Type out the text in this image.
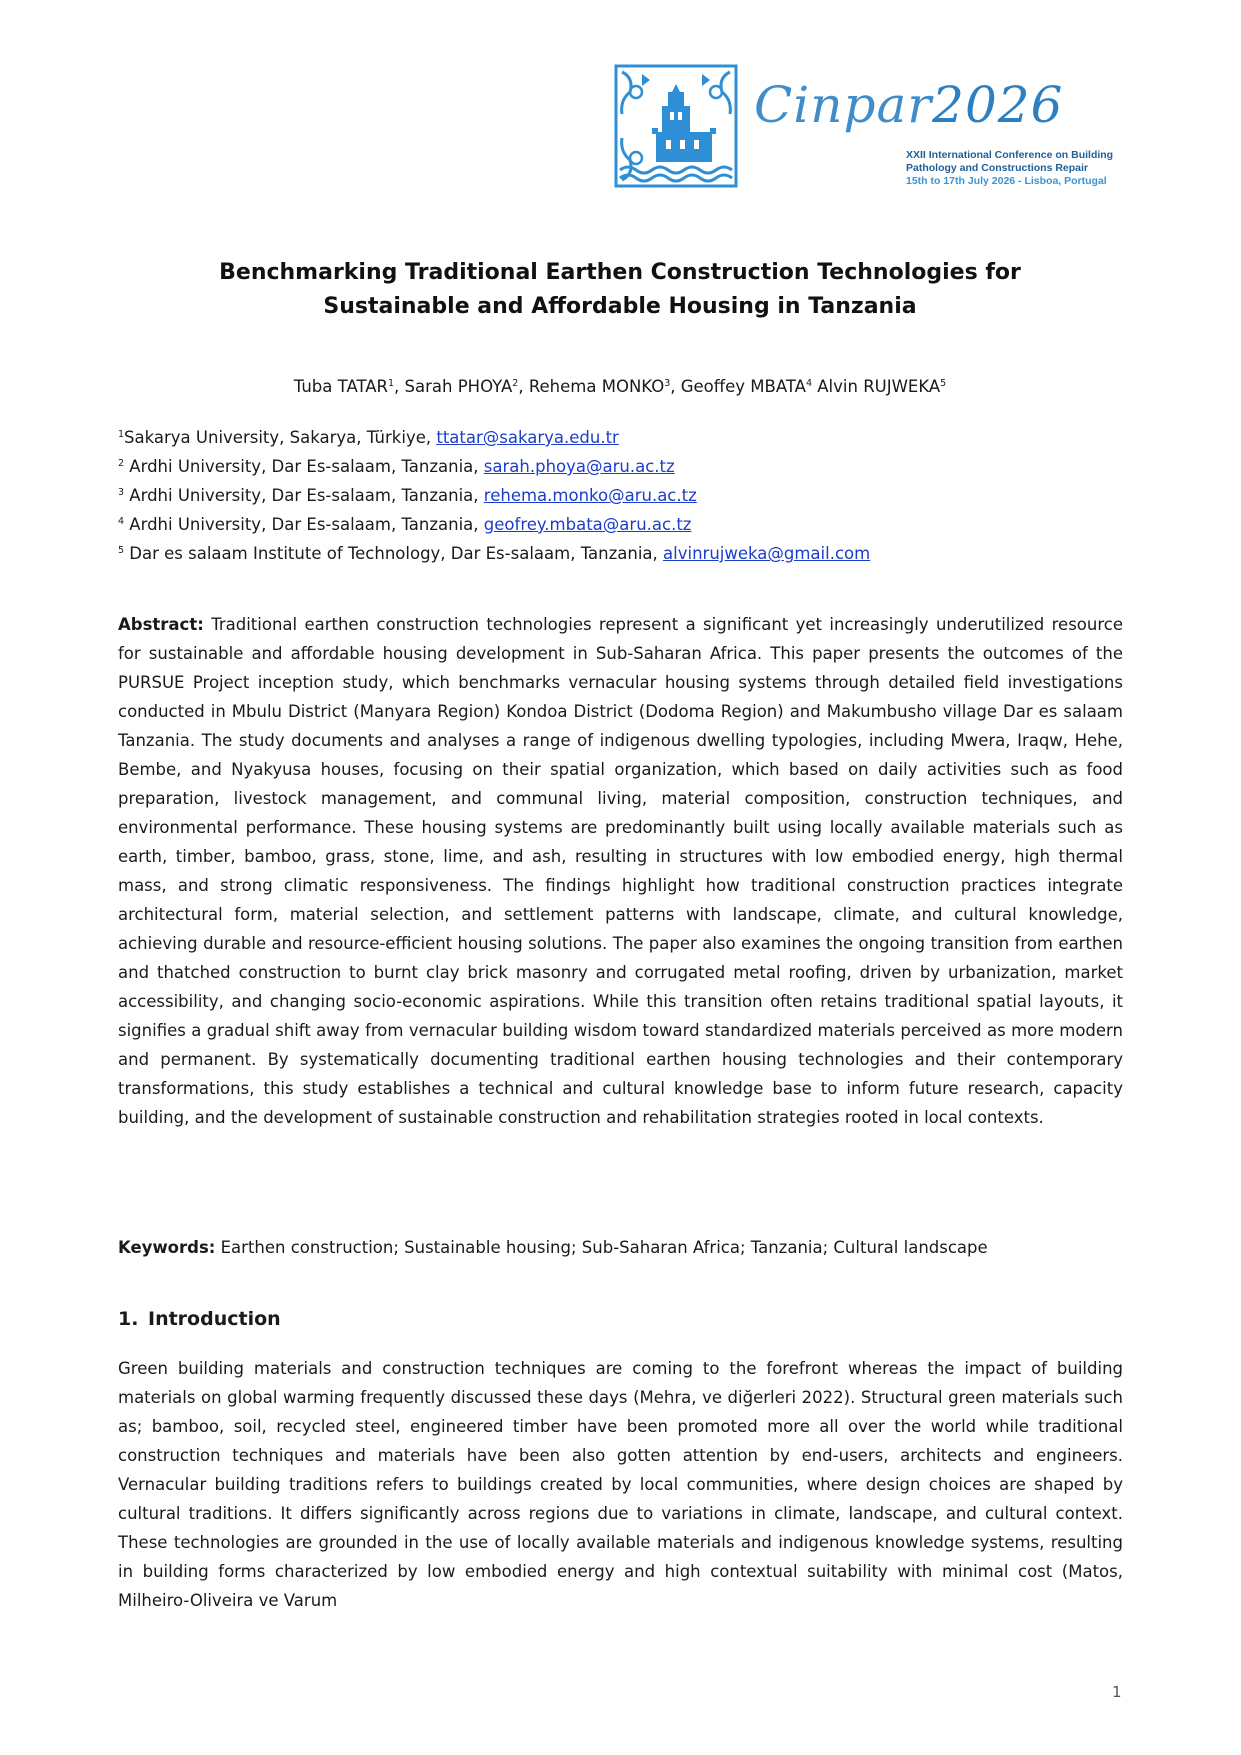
Cinpar2026
XXII International Conference on Building
Pathology and Constructions Repair
15th to 17th July 2026 - Lisboa, Portugal
Benchmarking Traditional Earthen Construction Technologies for
Sustainable and Affordable Housing in Tanzania
Tuba TATAR$^1$, Sarah PHOYA$^2$, Rehema MONKO$^3$, Geoffey MBATA$^4$ Alvin RUJWEKA$^5$
$^1$Sakarya University, Sakarya, Türkiye, ttatar@sakarya.edu.tr
$^2$ Ardhi University, Dar Es-salaam, Tanzania, sarah.phoya@aru.ac.tz
$^3$ Ardhi University, Dar Es-salaam, Tanzania, rehema.monko@aru.ac.tz
$^4$ Ardhi University, Dar Es-salaam, Tanzania, geofrey.mbata@aru.ac.tz
$^5$ Dar es salaam Institute of Technology, Dar Es-salaam, Tanzania, alvinrujweka@gmail.com
Abstract: Traditional earthen construction technologies represent a significant yet increasingly underutilized resource for sustainable and affordable housing development in Sub-Saharan Africa. This paper presents the outcomes of the PURSUE Project inception study, which benchmarks vernacular housing systems through detailed field investigations conducted in Mbulu District (Manyara Region) Kondoa District (Dodoma Region) and Makumbusho village Dar es salaam Tanzania. The study documents and analyses a range of indigenous dwelling typologies, including Mwera, Iraqw, Hehe, Bembe, and Nyakyusa houses, focusing on their spatial organization, which based on daily activities such as food preparation, livestock management, and communal living, material composition, construction techniques, and environmental performance. These housing systems are predominantly built using locally available materials such as earth, timber, bamboo, grass, stone, lime, and ash, resulting in structures with low embodied energy, high thermal mass, and strong climatic responsiveness. The findings highlight how traditional construction practices integrate architectural form, material selection, and settlement patterns with landscape, climate, and cultural knowledge, achieving durable and resource-efficient housing solutions. The paper also examines the ongoing transition from earthen and thatched construction to burnt clay brick masonry and corrugated metal roofing, driven by urbanization, market accessibility, and changing socio-economic aspirations. While this transition often retains traditional spatial layouts, it signifies a gradual shift away from vernacular building wisdom toward standardized materials perceived as more modern and permanent. By systematically documenting traditional earthen housing technologies and their contemporary transformations, this study establishes a technical and cultural knowledge base to inform future research, capacity building, and the development of sustainable construction and rehabilitation strategies rooted in local contexts.
Keywords: Earthen construction; Sustainable housing; Sub-Saharan Africa; Tanzania; Cultural landscape
1. Introduction
Green building materials and construction techniques are coming to the forefront whereas the impact of building materials on global warming frequently discussed these days (Mehra, ve diğerleri 2022). Structural green materials such as; bamboo, soil, recycled steel, engineered timber have been promoted more all over the world while traditional construction techniques and materials have been also gotten attention by end-users, architects and engineers. Vernacular building traditions refers to buildings created by local communities, where design choices are shaped by cultural traditions. It differs significantly across regions due to variations in climate, landscape, and cultural context. These technologies are grounded in the use of locally available materials and indigenous knowledge systems, resulting in building forms characterized by low embodied energy and high contextual suitability with minimal cost (Matos, Milheiro-Oliveira ve Varum
1
